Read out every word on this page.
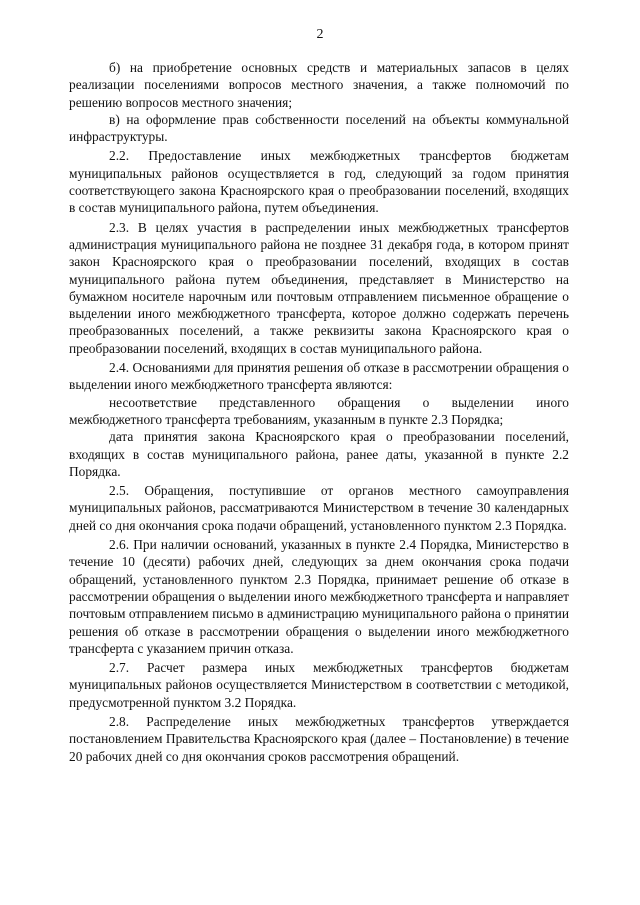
2

б) на приобретение основных средств и материальных запасов в целях реализации поселениями вопросов местного значения, а также полномочий по решению вопросов местного значения;

в) на оформление прав собственности поселений на объекты коммунальной инфраструктуры.

2.2. Предоставление иных межбюджетных трансфертов бюджетам муниципальных районов осуществляется в год, следующий за годом принятия соответствующего закона Красноярского края о преобразовании поселений, входящих в состав муниципального района, путем объединения.

2.3. В целях участия в распределении иных межбюджетных трансфертов администрация муниципального района не позднее 31 декабря года, в котором принят закон Красноярского края о преобразовании поселений, входящих в состав муниципального района путем объединения, представляет в Министерство на бумажном носителе нарочным или почтовым отправлением письменное обращение о выделении иного межбюджетного трансферта, которое должно содержать перечень преобразованных поселений, а также реквизиты закона Красноярского края о преобразовании поселений, входящих в состав муниципального района.

2.4. Основаниями для принятия решения об отказе в рассмотрении обращения о выделении иного межбюджетного трансферта являются:

несоответствие представленного обращения о выделении иного межбюджетного трансферта требованиям, указанным в пункте 2.3 Порядка;

дата принятия закона Красноярского края о преобразовании поселений, входящих в состав муниципального района, ранее даты, указанной в пункте 2.2 Порядка.

2.5. Обращения, поступившие от органов местного самоуправления муниципальных районов, рассматриваются Министерством в течение 30 календарных дней со дня окончания срока подачи обращений, установленного пунктом 2.3 Порядка.

2.6. При наличии оснований, указанных в пункте 2.4 Порядка, Министерство в течение 10 (десяти) рабочих дней, следующих за днем окончания срока подачи обращений, установленного пунктом 2.3 Порядка, принимает решение об отказе в рассмотрении обращения о выделении иного межбюджетного трансферта и направляет почтовым отправлением письмо в администрацию муниципального района о принятии решения об отказе в рассмотрении обращения о выделении иного межбюджетного трансферта с указанием причин отказа.

2.7. Расчет размера иных межбюджетных трансфертов бюджетам муниципальных районов осуществляется Министерством в соответствии с методикой, предусмотренной пунктом 3.2 Порядка.

2.8. Распределение иных межбюджетных трансфертов утверждается постановлением Правительства Красноярского края (далее – Постановление) в течение 20 рабочих дней со дня окончания сроков рассмотрения обращений.
